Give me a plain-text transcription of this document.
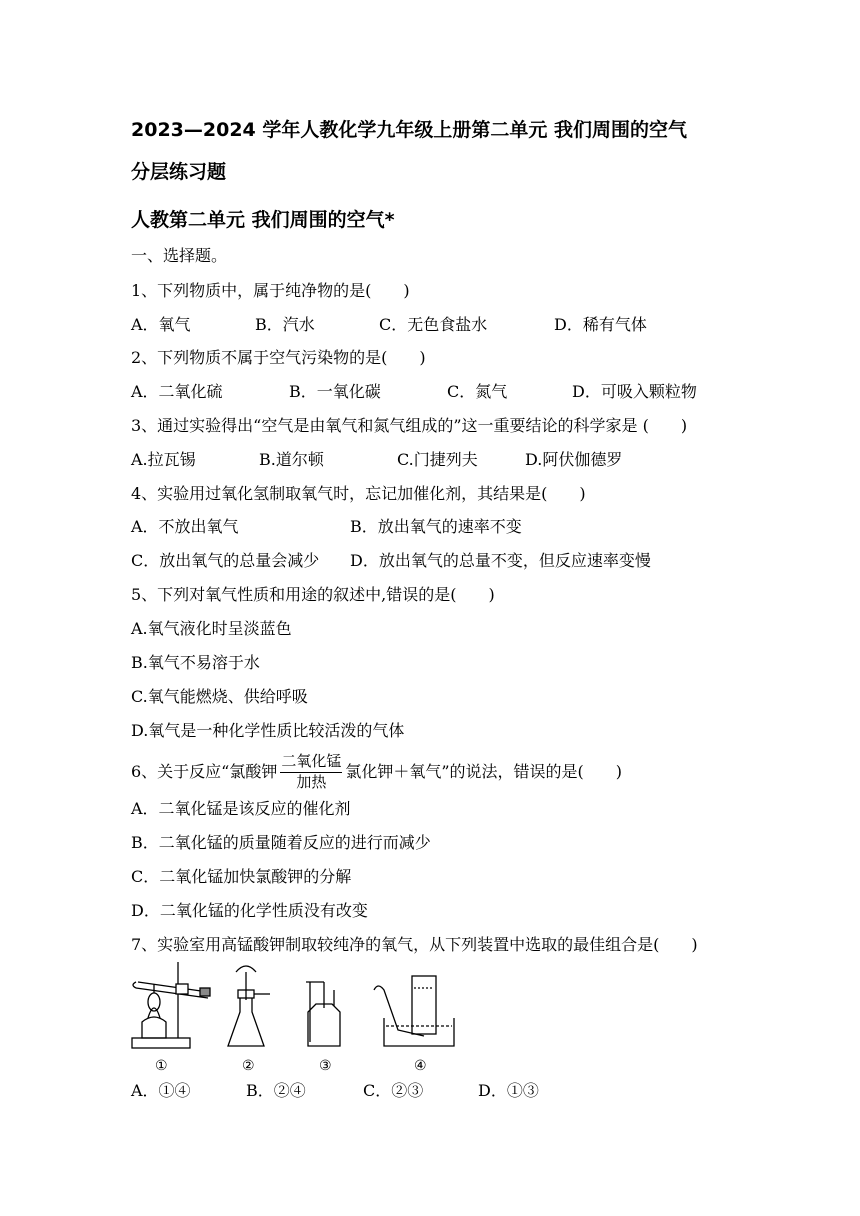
2023—2024 学年人教化学九年级上册第二单元 我们周围的空气
分层练习题
人教第二单元 我们周围的空气*
一、选择题。
1、下列物质中，属于纯净物的是(　　)
A．氧气	B．汽水	C．无色食盐水	D．稀有气体
2、下列物质不属于空气污染物的是(　　)
A．二氧化硫	B．一氧化碳	C．氮气	D．可吸入颗粒物
3、通过实验得出“空气是由氧气和氮气组成的”这一重要结论的科学家是 (　　)
A.拉瓦锡	B.道尔顿	C.门捷列夫	D.阿伏伽德罗
4、实验用过氧化氢制取氧气时，忘记加催化剂，其结果是(　　)
A．不放出氧气	B．放出氧气的速率不变
C．放出氧气的总量会减少	D．放出氧气的总量不变，但反应速率变慢
5、下列对氧气性质和用途的叙述中,错误的是(　　)
A.氧气液化时呈淡蓝色
B.氧气不易溶于水
C.氧气能燃烧、供给呼吸
D.氧气是一种化学性质比较活泼的气体
6、关于反应“氯酸钾
二氧化锰
加热
氯化钾＋氧气”的说法，错误的是(　　)
A．二氧化锰是该反应的催化剂
B．二氧化锰的质量随着反应的进行而减少
C．二氧化锰加快氯酸钾的分解
D．二氧化锰的化学性质没有改变
7、实验室用高锰酸钾制取较纯净的氧气，从下列装置中选取的最佳组合是(　　)
①	②	③	④
A．①④	B．②④	C．②③	D．①③
